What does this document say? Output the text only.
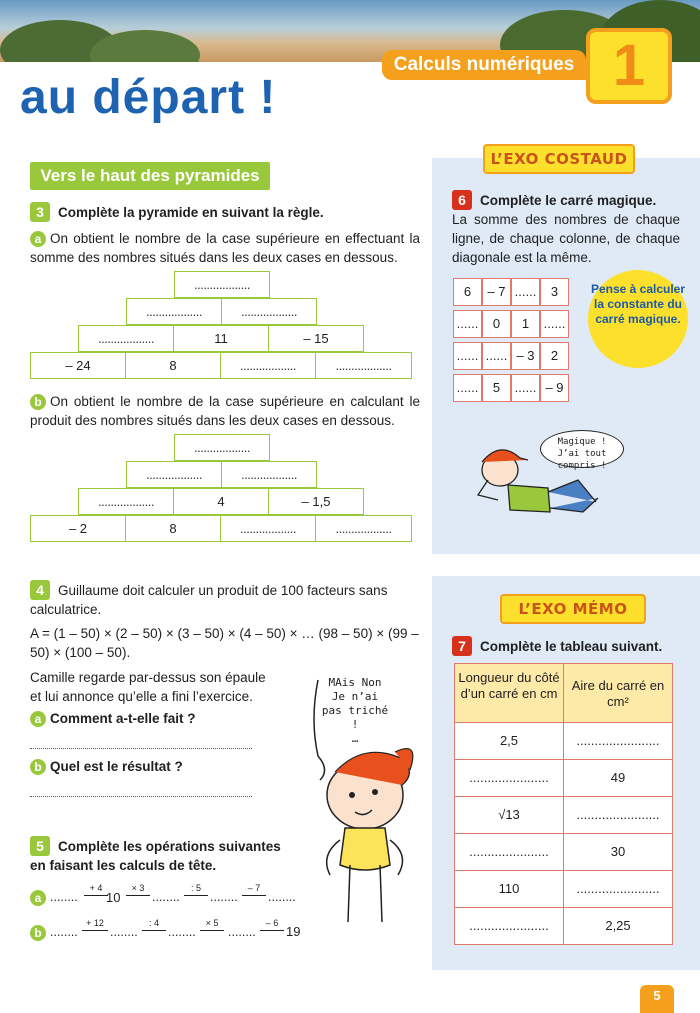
au départ !
Calculs numériques 1
Vers le haut des pyramides
3 Complète la pyramide en suivant la règle.
a On obtient le nombre de la case supérieure en effectuant la somme des nombres situés dans les deux cases en dessous.
..................
..................	..................
..................	11	– 15
– 24	8	..................	..................
b On obtient le nombre de la case supérieure en calculant le produit des nombres situés dans les deux cases en dessous.
..................
..................	..................
..................	4	– 1,5
– 2	8	..................	..................
4 Guillaume doit calculer un produit de 100 facteurs sans calculatrice.
A = (1 – 50) × (2 – 50) × (3 – 50) × (4 – 50) × … (98 – 50) × (99 – 50) × (100 – 50).
Camille regarde par-dessus son épaule et lui annonce qu’elle a fini l’exercice.
a Comment a-t-elle fait ?
b Quel est le résultat ?
MAis Non
Je n’ai
pas triché !
…
5 Complète les opérations suivantes en faisant les calculs de tête.
a ........
+ 4
10
× 3
........
: 5
........
– 7
........
b ........
+ 12
........
: 4
........
× 5
........
– 6
19
L’EXO COSTAUD
6 Complète le carré magique.
La somme des nombres de chaque ligne, de chaque colonne, de chaque diagonale est la même.
6	– 7 ......	3
......	0	1	......
...... ...... – 3	2
......	5	...... – 9
Pense à calculer la constante du carré magique.
Magique !
J’ai tout compris !
L’EXO MÉMO
7 Complète le tableau suivant.
Longueur du côté d’un carré en cm
Aire du carré en cm²
2,5	.......................
......................	49
√13	.......................
......................	30
110	.......................
......................	2,25
5
